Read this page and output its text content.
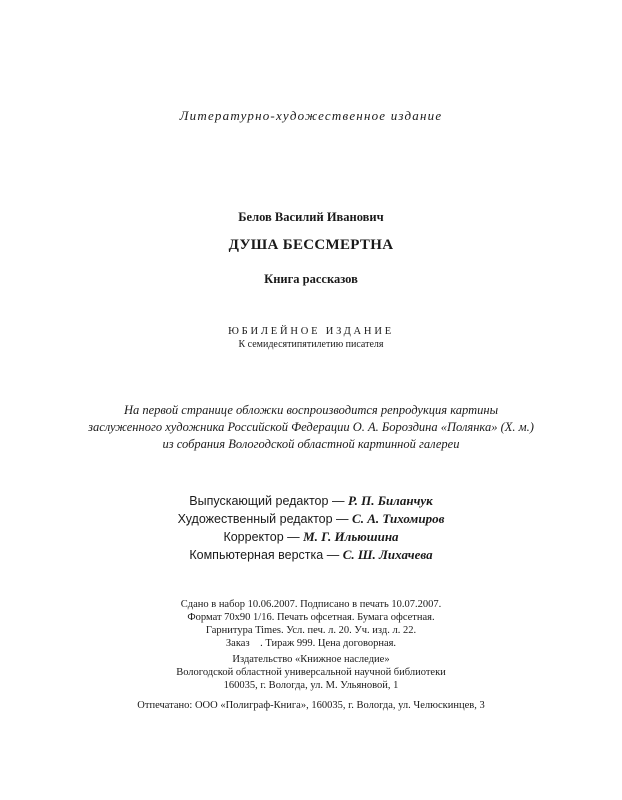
Литературно-художественное издание
Белов Василий Иванович
ДУША БЕССМЕРТНА
Книга рассказов
ЮБИЛЕЙНОЕ ИЗДАНИЕ
К семидесятипятилетию писателя
На первой странице обложки воспроизводится репродукция картины
заслуженного художника Российской Федерации О. А. Бороздина «Полянка» (Х. м.)
из собрания Вологодской областной картинной галереи
Выпускающий редактор — Р. П. Биланчук
Художественный редактор — С. А. Тихомиров
Корректор — М. Г. Ильюшина
Компьютерная верстка — С. Ш. Лихачева
Сдано в набор 10.06.2007. Подписано в печать 10.07.2007.
Формат 70x90 1/16. Печать офсетная. Бумага офсетная.
Гарнитура Times. Усл. печ. л. 20. Уч. изд. л. 22.
Заказ    . Тираж 999. Цена договорная.
Издательство «Книжное наследие»
Вологодской областной универсальной научной библиотеки
160035, г. Вологда, ул. М. Ульяновой, 1
Отпечатано: ООО «Полиграф-Книга», 160035, г. Вологда, ул. Челюскинцев, 3
